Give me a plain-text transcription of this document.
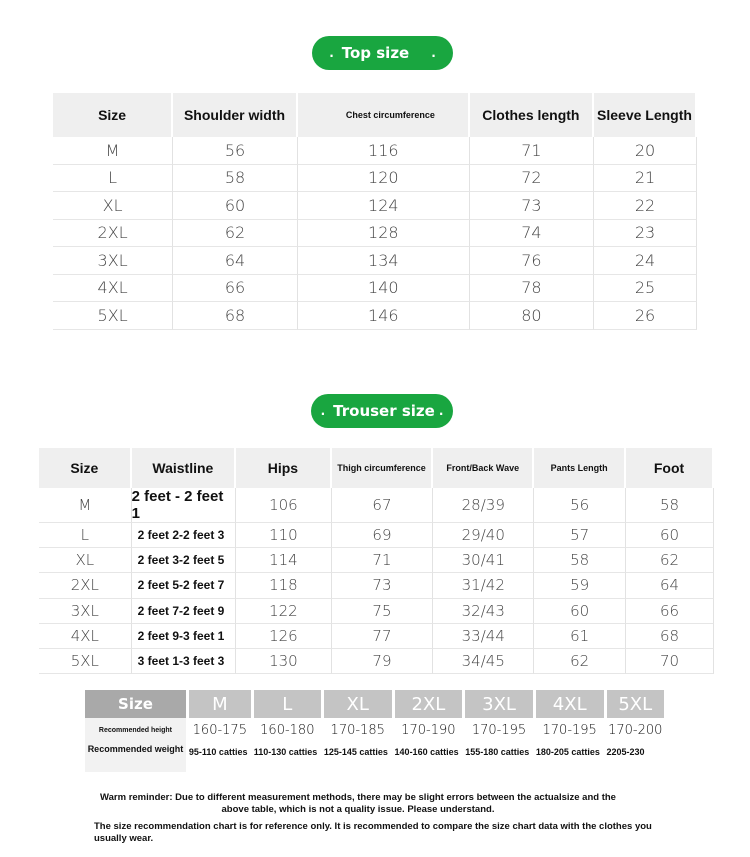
. Top size .
Size	Shoulder width	Chest circumference	Clothes length	Sleeve Length
M	56	116	71	20
L	58	120	72	21
XL	60	124	73	22
2XL	62	128	74	23
3XL	64	134	76	24
4XL	66	140	78	25
5XL	68	146	80	26
. Trouser size .
Size	Waistline	Hips	Thigh circumference	Front/Back Wave	Pants Length	Foot
M	2 feet - 2 feet 1	106	67	28/39	56	58
L	2 feet 2-2 feet 3	110	69	29/40	57	60
XL	2 feet 3-2 feet 5	114	71	30/41	58	62
2XL	2 feet 5-2 feet 7	118	73	31/42	59	64
3XL	2 feet 7-2 feet 9	122	75	32/43	60	66
4XL	2 feet 9-3 feet 1	126	77	33/44	61	68
5XL	3 feet 1-3 feet 3	130	79	34/45	62	70
Size	M	L	XL	2XL	3XL	4XL	5XL
Recommended height	160-175	160-180	170-185	170-190	170-195	170-195	170-200
Recommended weight	95-110 catties	110-130 catties	125-145 catties	140-160 catties	155-180 catties	180-205 catties	2205-230
Warm reminder: Due to different measurement methods, there may be slight errors between the actualsize and the above table, which is not a quality issue. Please understand.
The size recommendation chart is for reference only. It is recommended to compare the size chart data with the clothes you usually wear.
